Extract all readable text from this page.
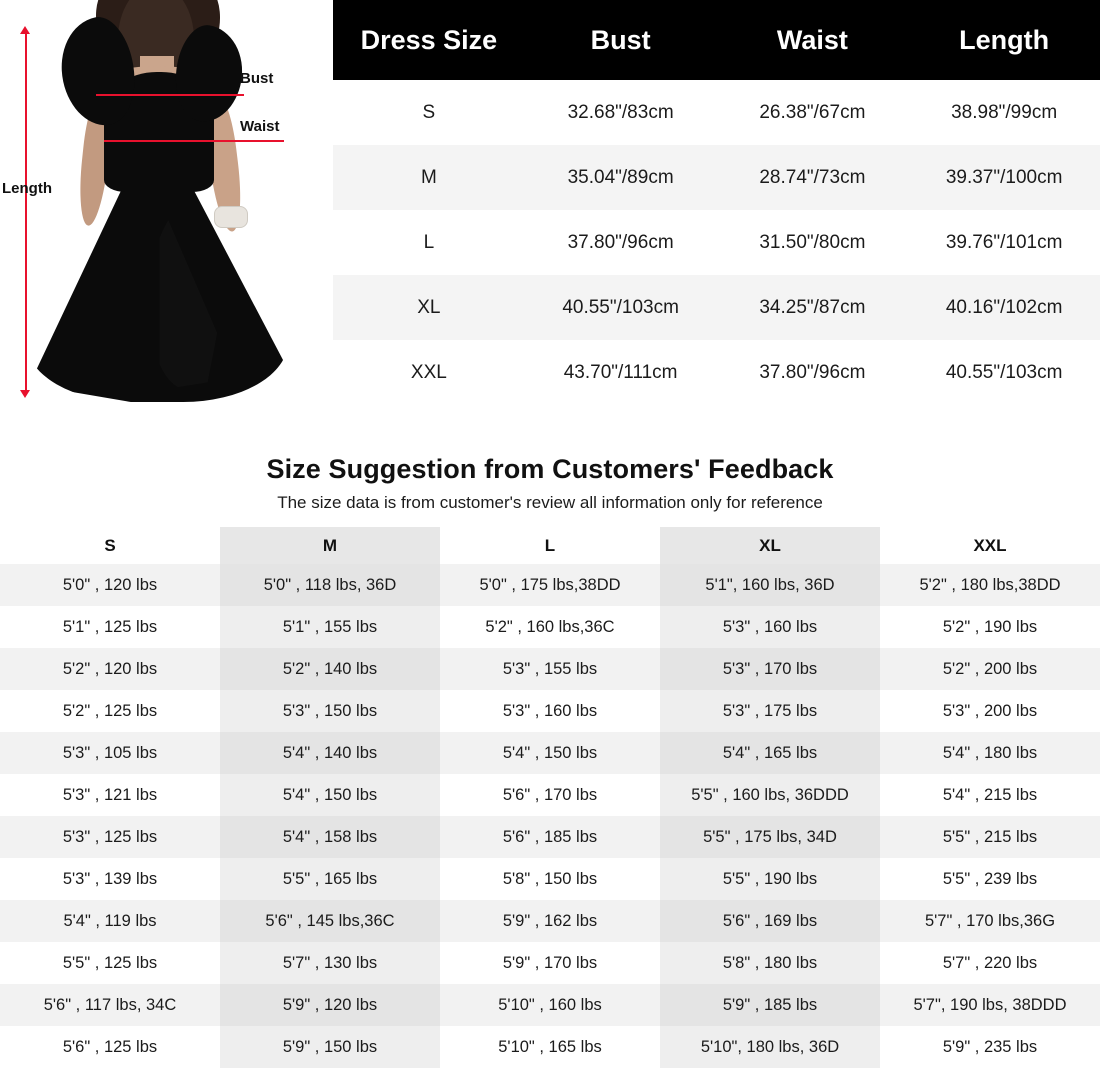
Bust
Waist
Length
Dress Size	Bust	Waist	Length
S	32.68"/83cm	26.38"/67cm	38.98"/99cm
M	35.04"/89cm	28.74"/73cm	39.37"/100cm
L	37.80"/96cm	31.50"/80cm	39.76"/101cm
XL	40.55"/103cm	34.25"/87cm	40.16"/102cm
XXL	43.70"/111cm	37.80"/96cm	40.55"/103cm
Size Suggestion from Customers' Feedback
The size data is from customer's review all information only for reference
S	M	L	XL	XXL
5'0" , 120 lbs	5'0" , 118 lbs, 36D	5'0" , 175 lbs,38DD	5'1", 160 lbs, 36D	5'2" , 180 lbs,38DD
5'1" , 125 lbs	5'1" , 155 lbs	5'2" , 160 lbs,36C	5'3" , 160 lbs	5'2" , 190 lbs
5'2" , 120 lbs	5'2" , 140 lbs	5'3" , 155 lbs	5'3" , 170 lbs	5'2" , 200 lbs
5'2" , 125 lbs	5'3" , 150 lbs	5'3" , 160 lbs	5'3" , 175 lbs	5'3" , 200 lbs
5'3" , 105 lbs	5'4" , 140 lbs	5'4" , 150 lbs	5'4" , 165 lbs	5'4" , 180 lbs
5'3" , 121 lbs	5'4" , 150 lbs	5'6" , 170 lbs	5'5" , 160 lbs, 36DDD	5'4" , 215 lbs
5'3" , 125 lbs	5'4" , 158 lbs	5'6" , 185 lbs	5'5" , 175 lbs, 34D	5'5" , 215 lbs
5'3" , 139 lbs	5'5" , 165 lbs	5'8" , 150 lbs	5'5" , 190 lbs	5'5" , 239 lbs
5'4" , 119 lbs	5'6" , 145 lbs,36C	5'9" , 162 lbs	5'6" , 169 lbs	5'7" , 170 lbs,36G
5'5" , 125 lbs	5'7" , 130 lbs	5'9" , 170 lbs	5'8" , 180 lbs	5'7" , 220 lbs
5'6" , 117 lbs, 34C	5'9" , 120 lbs	5'10" , 160 lbs	5'9" , 185 lbs	5'7", 190 lbs, 38DDD
5'6" , 125 lbs	5'9" , 150 lbs	5'10" , 165 lbs	5'10", 180 lbs, 36D	5'9" , 235 lbs
